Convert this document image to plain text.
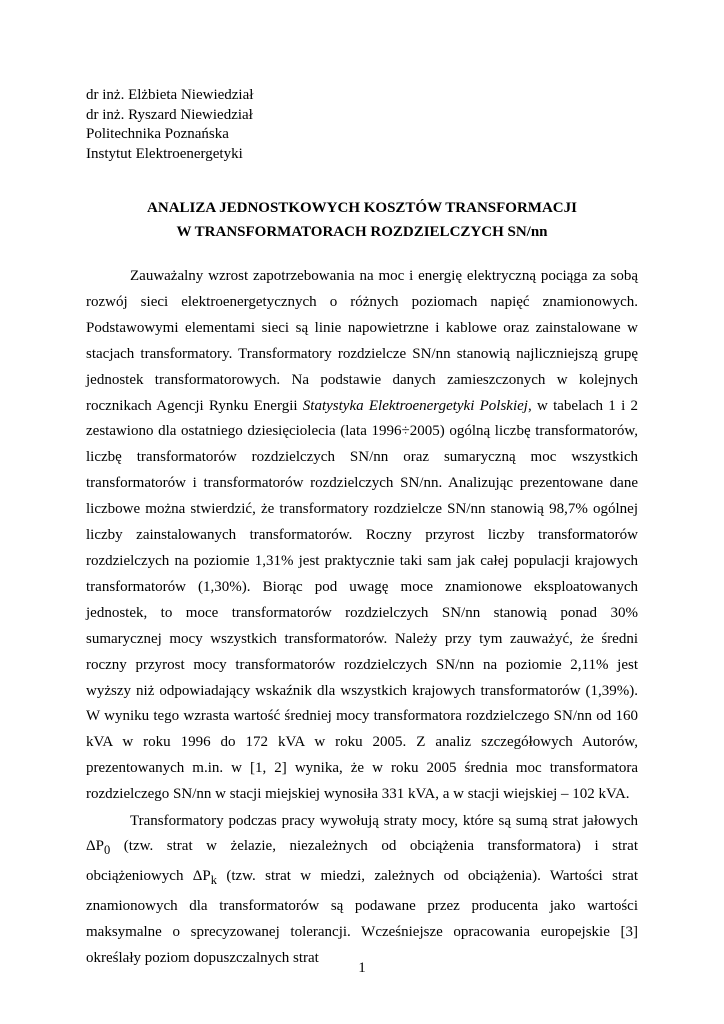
dr inż. Elżbieta Niewiedział
dr inż. Ryszard Niewiedział
Politechnika Poznańska
Instytut Elektroenergetyki
ANALIZA JEDNOSTKOWYCH KOSZTÓW TRANSFORMACJI
W TRANSFORMATORACH ROZDZIELCZYCH SN/nn

Zauważalny wzrost zapotrzebowania na moc i energię elektryczną pociąga za sobą rozwój sieci elektroenergetycznych o różnych poziomach napięć znamionowych. Podstawowymi elementami sieci są linie napowietrzne i kablowe oraz zainstalowane w stacjach transformatory. Transformatory rozdzielcze SN/nn stanowią najliczniejszą grupę jednostek transformatorowych. Na podstawie danych zamieszczonych w kolejnych rocznikach Agencji Rynku Energii Statystyka Elektroenergetyki Polskiej, w tabelach 1 i 2 zestawiono dla ostatniego dziesięciolecia (lata 1996÷2005) ogólną liczbę transformatorów, liczbę transformatorów rozdzielczych SN/nn oraz sumaryczną moc wszystkich transformatorów i transformatorów rozdzielczych SN/nn. Analizując prezentowane dane liczbowe można stwierdzić, że transformatory rozdzielcze SN/nn stanowią 98,7% ogólnej liczby zainstalowanych transformatorów. Roczny przyrost liczby transformatorów rozdzielczych na poziomie 1,31% jest praktycznie taki sam jak całej populacji krajowych transformatorów (1,30%). Biorąc pod uwagę moce znamionowe eksploatowanych jednostek, to moce transformatorów rozdzielczych SN/nn stanowią ponad 30% sumarycznej mocy wszystkich transformatorów. Należy przy tym zauważyć, że średni roczny przyrost mocy transformatorów rozdzielczych SN/nn na poziomie 2,11% jest wyższy niż odpowiadający wskaźnik dla wszystkich krajowych transformatorów (1,39%). W wyniku tego wzrasta wartość średniej mocy transformatora rozdzielczego SN/nn od 160 kVA w roku 1996 do 172 kVA w roku 2005. Z analiz szczegółowych Autorów, prezentowanych m.in. w [1, 2] wynika, że w roku 2005 średnia moc transformatora rozdzielczego SN/nn w stacji miejskiej wynosiła 331 kVA, a w stacji wiejskiej – 102 kVA.

Transformatory podczas pracy wywołują straty mocy, które są sumą strat jałowych $\Delta P_0$ (tzw. strat w żelazie, niezależnych od obciążenia transformatora) i strat obciążeniowych $\Delta P_k$ (tzw. strat w miedzi, zależnych od obciążenia). Wartości strat znamionowych dla transformatorów są podawane przez producenta jako wartości maksymalne o sprecyzowanej tolerancji. Wcześniejsze opracowania europejskie [3] określały poziom dopuszczalnych strat

1
